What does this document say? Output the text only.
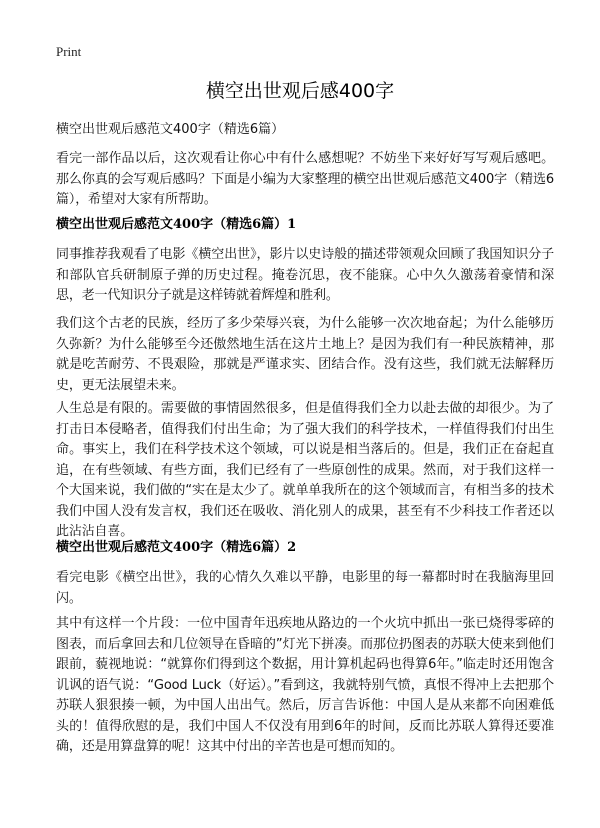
Print
横空出世观后感400字
横空出世观后感范文400字（精选6篇）

看完一部作品以后，这次观看让你心中有什么感想呢？不妨坐下来好好写写观后感吧。那么你真的会写观后感吗？下面是小编为大家整理的横空出世观后感范文400字（精选6篇），希望对大家有所帮助。

横空出世观后感范文400字（精选6篇）1

同事推荐我观看了电影《横空出世》，影片以史诗般的描述带领观众回顾了我国知识分子和部队官兵研制原子弹的历史过程。掩卷沉思，夜不能寐。心中久久激荡着豪情和深思，老一代知识分子就是这样铸就着辉煌和胜利。

我们这个古老的民族，经历了多少荣辱兴衰，为什么能够一次次地奋起；为什么能够历久弥新？为什么能够至今还傲然地生活在这片土地上？是因为我们有一种民族精神，那就是吃苦耐劳、不畏艰险，那就是严谨求实、团结合作。没有这些，我们就无法解释历史，更无法展望未来。

人生总是有限的。需要做的事情固然很多，但是值得我们全力以赴去做的却很少。为了打击日本侵略者，值得我们付出生命；为了强大我们的科学技术，一样值得我们付出生命。事实上，我们在科学技术这个领域，可以说是相当落后的。但是，我们正在奋起直追，在有些领域、有些方面，我们已经有了一些原创性的成果。然而，对于我们这样一个大国来说，我们做的“实在是太少了。就单单我所在的这个领域而言，有相当多的技术我们中国人没有发言权，我们还在吸收、消化别人的成果，甚至有不少科技工作者还以此沾沾自喜。

横空出世观后感范文400字（精选6篇）2

看完电影《横空出世》，我的心情久久难以平静，电影里的每一幕都时时在我脑海里回闪。

其中有这样一个片段：一位中国青年迅疾地从路边的一个火坑中抓出一张已烧得零碎的图表，而后拿回去和几位领导在昏暗的”灯光下拼凑。而那位扔图表的苏联大使来到他们跟前，藐视地说：“就算你们得到这个数据，用计算机起码也得算6年。”临走时还用饱含讥讽的语气说：“Good Luck（好运）。”看到这，我就特别气愤，真恨不得冲上去把那个苏联人狠狠揍一顿，为中国人出出气。然后，厉言告诉他：中国人是从来都不向困难低头的！值得欣慰的是，我们中国人不仅没有用到6年的时间，反而比苏联人算得还要准确，还是用算盘算的呢！这其中付出的辛苦也是可想而知的。
